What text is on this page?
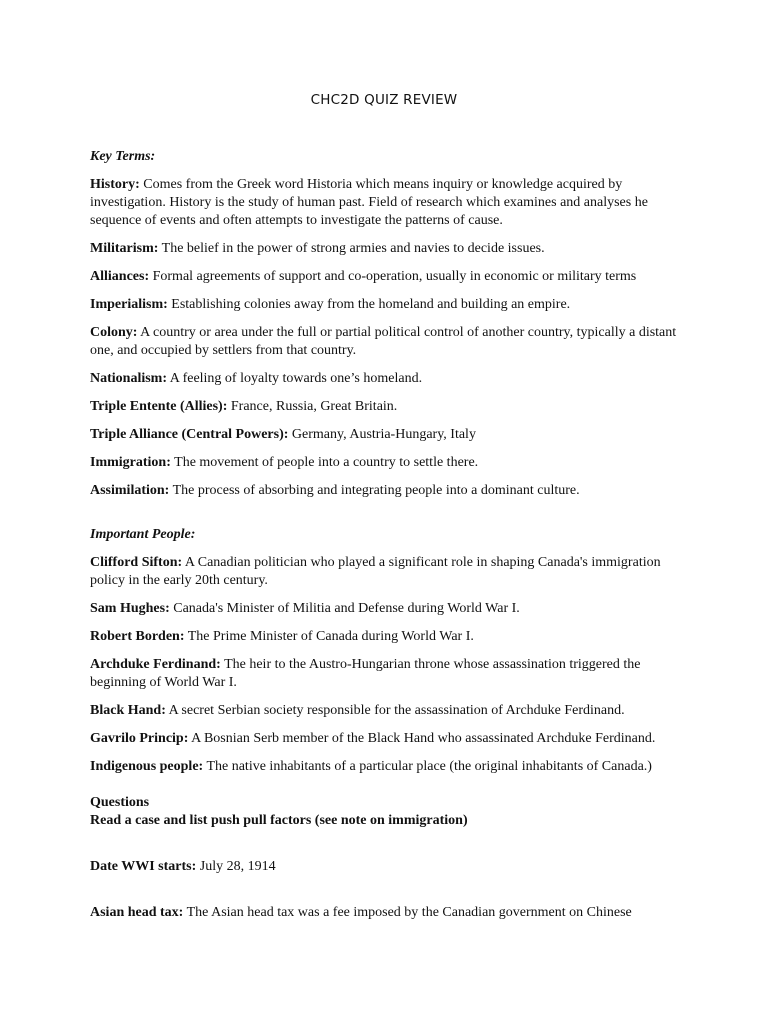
CHC2D QUIZ REVIEW
Key Terms:
History: Comes from the Greek word Historia which means inquiry or knowledge acquired by investigation. History is the study of human past. Field of research which examines and analyses he sequence of events and often attempts to investigate the patterns of cause.
Militarism: The belief in the power of strong armies and navies to decide issues.
Alliances: Formal agreements of support and co-operation, usually in economic or military terms
Imperialism: Establishing colonies away from the homeland and building an empire.
Colony: A country or area under the full or partial political control of another country, typically a distant one, and occupied by settlers from that country.
Nationalism: A feeling of loyalty towards one’s homeland.
Triple Entente (Allies): France, Russia, Great Britain.
Triple Alliance (Central Powers): Germany, Austria-Hungary, Italy
Immigration: The movement of people into a country to settle there.
Assimilation: The process of absorbing and integrating people into a dominant culture.
Important People:
Clifford Sifton: A Canadian politician who played a significant role in shaping Canada's immigration policy in the early 20th century.
Sam Hughes: Canada's Minister of Militia and Defense during World War I.
Robert Borden: The Prime Minister of Canada during World War I.
Archduke Ferdinand: The heir to the Austro-Hungarian throne whose assassination triggered the beginning of World War I.
Black Hand: A secret Serbian society responsible for the assassination of Archduke Ferdinand.
Gavrilo Princip: A Bosnian Serb member of the Black Hand who assassinated Archduke Ferdinand.
Indigenous people: The native inhabitants of a particular place (the original inhabitants of Canada.)
Questions
Read a case and list push pull factors (see note on immigration)
Date WWI starts: July 28, 1914
Asian head tax: The Asian head tax was a fee imposed by the Canadian government on Chinese
